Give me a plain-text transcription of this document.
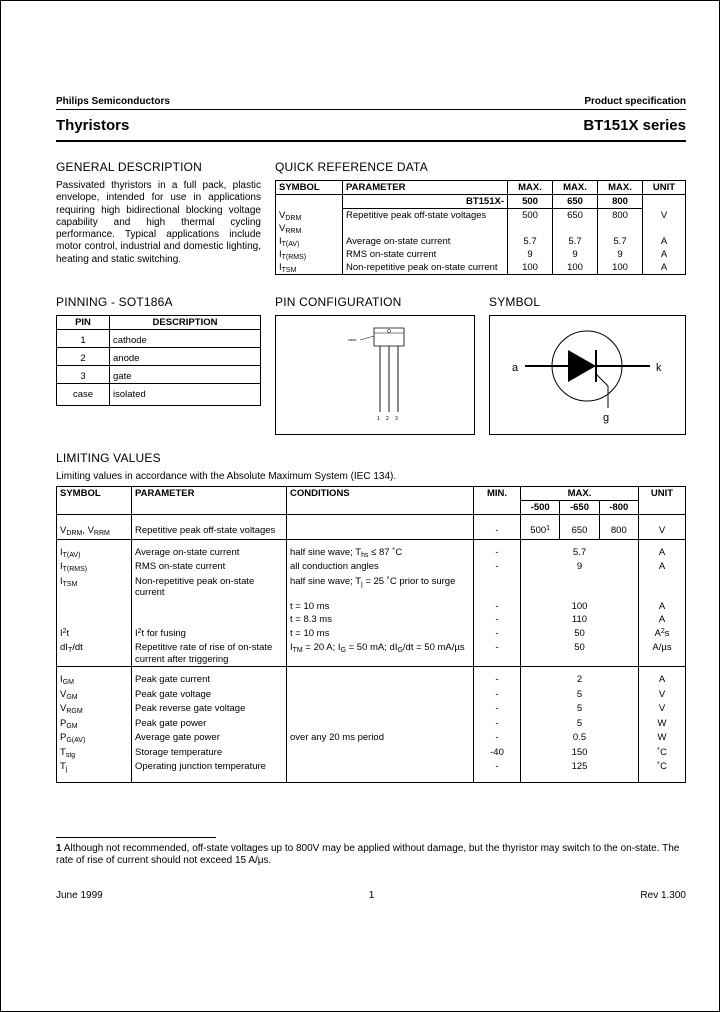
Philips Semiconductors	Product specification
Thyristors	BT151X series
GENERAL DESCRIPTION

Passivated thyristors in a full pack, plastic envelope, intended for use in applications requiring high bidirectional blocking voltage capability and high thermal cycling performance. Typical applications include motor control, industrial and domestic lighting, heating and static switching.

QUICK REFERENCE DATA
SYMBOL	PARAMETER	MAX.	MAX.	MAX.	UNIT
	BT151X-	500	650	800	
$V_{DRM}$	Repetitive peak off-state voltages	500	650	800	V
$V_{RRM}$					
$I_{T(AV)}$	Average on-state current	5.7	5.7	5.7	A
$I_{T(RMS)}$	RMS on-state current	9	9	9	A
$I_{TSM}$	Non-repetitive peak on-state current	100	100	100	A
PINNING - SOT186A
PIN	DESCRIPTION
1	cathode
2	anode
3	gate
case	isolated
PIN CONFIGURATION
case
1 2 3
SYMBOL
a	k
g
LIMITING VALUES
Limiting values in accordance with the Absolute Maximum System (IEC 134).
SYMBOL	PARAMETER	CONDITIONS	MIN.	MAX.			UNIT
				-500	-650	-800	
$V_{DRM}$, $V_{RRM}$	Repetitive peak off-state voltages		-	$500^1$	650	800	V
$I_{T(AV)}$	Average on-state current	half sine wave; $T_{hs} \le 87$ ˚C	-	5.7			A
$I_{T(RMS)}$	RMS on-state current	all conduction angles	-	9			A
$I_{TSM}$	Non-repetitive peak on-state current	half sine wave; $T_j = 25$ ˚C prior to surge					
		t = 10 ms	-	100			A
		t = 8.3 ms	-	110			A
$I^2t$	$I^2t$ for fusing	t = 10 ms	-	50			$A^2s$
$dI_T/dt$	Repetitive rate of rise of on-state current after triggering	$I_{TM} = 20$ A; $I_G = 50$ mA; $dI_G/dt = 50$ mA/µs	-	50			A/µs
$I_{GM}$	Peak gate current		-	2			A
$V_{GM}$	Peak gate voltage		-	5			V
$V_{RGM}$	Peak reverse gate voltage		-	5			V
$P_{GM}$	Peak gate power		-	5			W
$P_{G(AV)}$	Average gate power	over any 20 ms period	-	0.5			W
$T_{stg}$	Storage temperature		-40	150			˚C
$T_j$	Operating junction temperature		-	125			˚C
1 Although not recommended, off-state voltages up to 800V may be applied without damage, but the thyristor may switch to the on-state. The rate of rise of current should not exceed 15 A/μs.
June 1999	1	Rev 1.300
